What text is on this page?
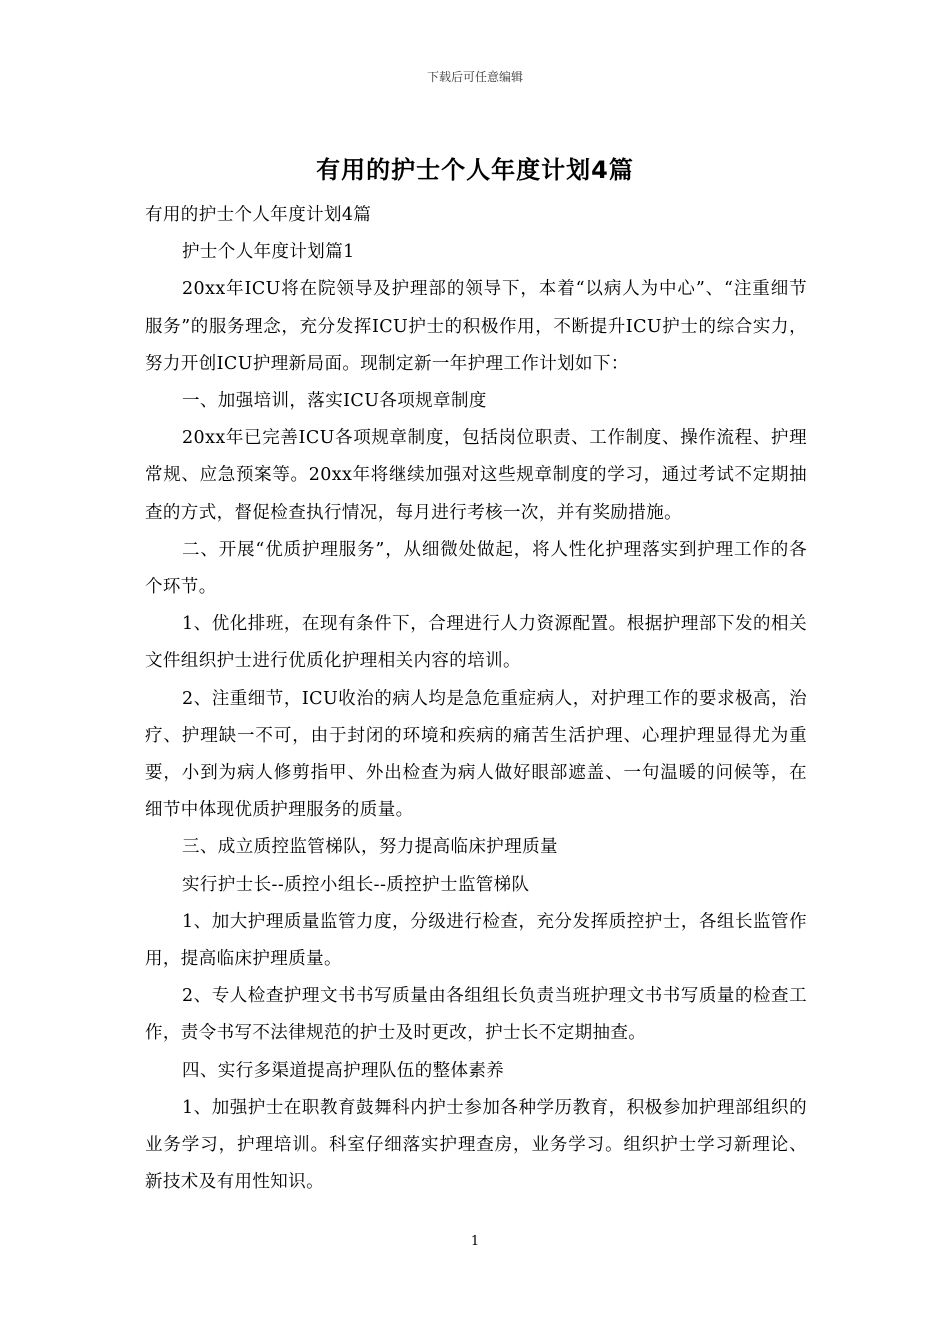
下载后可任意编辑
有用的护士个人年度计划4篇

有用的护士个人年度计划4篇

护士个人年度计划篇1

20xx年ICU将在院领导及护理部的领导下，本着“以病人为中心”、“注重细节服务”的服务理念，充分发挥ICU护士的积极作用，不断提升ICU护士的综合实力，努力开创ICU护理新局面。现制定新一年护理工作计划如下：

一、加强培训，落实ICU各项规章制度

20xx年已完善ICU各项规章制度，包括岗位职责、工作制度、操作流程、护理常规、应急预案等。20xx年将继续加强对这些规章制度的学习，通过考试不定期抽查的方式，督促检查执行情况，每月进行考核一次，并有奖励措施。

二、开展“优质护理服务”，从细微处做起，将人性化护理落实到护理工作的各个环节。

1、优化排班，在现有条件下，合理进行人力资源配置。根据护理部下发的相关文件组织护士进行优质化护理相关内容的培训。

2、注重细节，ICU收治的病人均是急危重症病人，对护理工作的要求极高，治疗、护理缺一不可，由于封闭的环境和疾病的痛苦生活护理、心理护理显得尤为重要，小到为病人修剪指甲、外出检查为病人做好眼部遮盖、一句温暖的问候等，在细节中体现优质护理服务的质量。

三、成立质控监管梯队，努力提高临床护理质量

实行护士长--质控小组长--质控护士监管梯队

1、加大护理质量监管力度，分级进行检查，充分发挥质控护士，各组长监管作用，提高临床护理质量。

2、专人检查护理文书书写质量由各组组长负责当班护理文书书写质量的检查工作，责令书写不法律规范的护士及时更改，护士长不定期抽查。

四、实行多渠道提高护理队伍的整体素养

1、加强护士在职教育鼓舞科内护士参加各种学历教育，积极参加护理部组织的业务学习，护理培训。科室仔细落实护理查房，业务学习。组织护士学习新理论、新技术及有用性知识。

1
